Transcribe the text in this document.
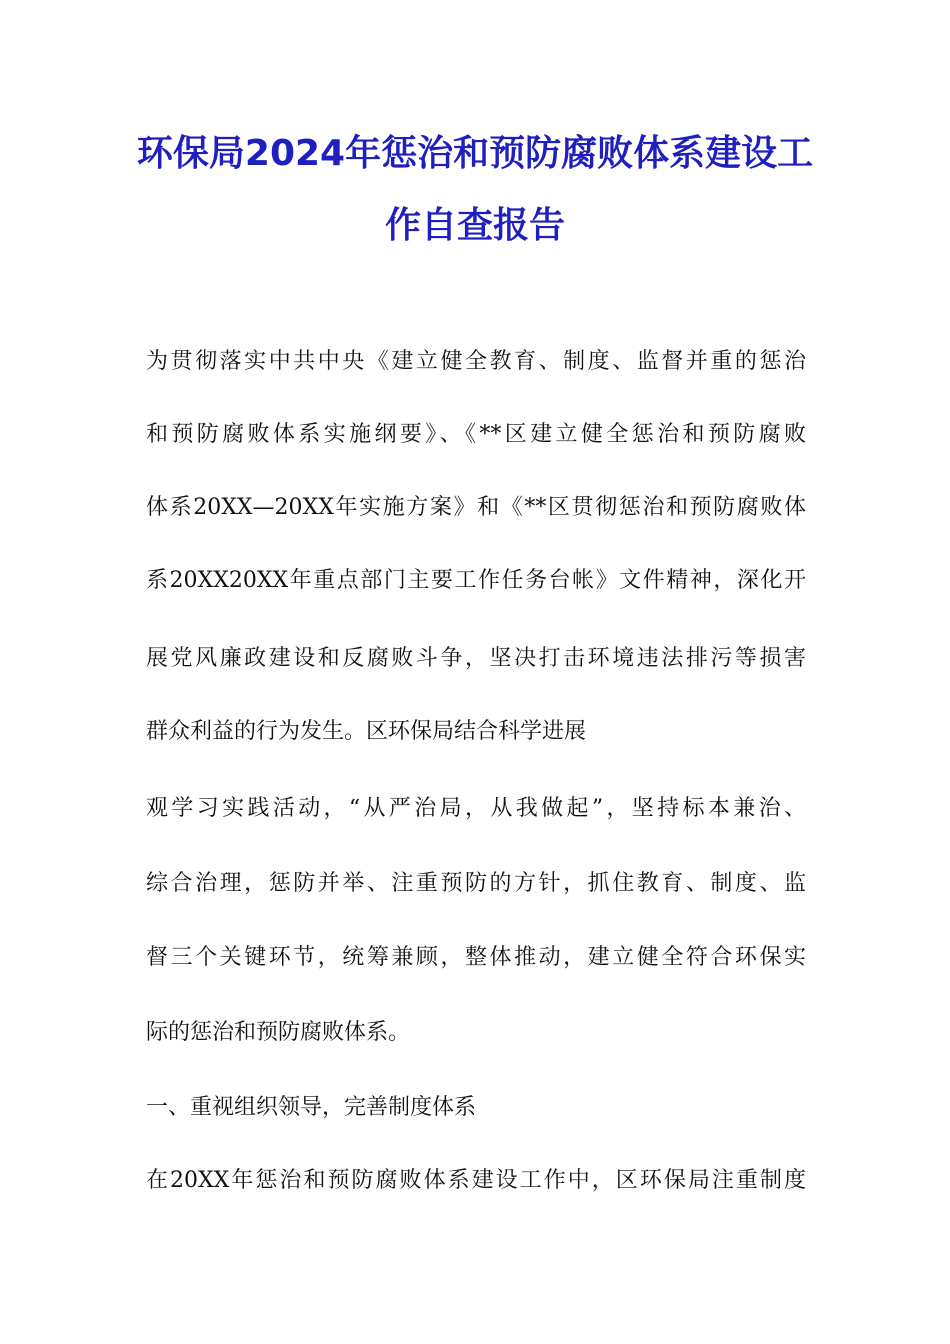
环保局2024年惩治和预防腐败体系建设工
作自查报告

为贯彻落实中共中央《建立健全教育、制度、监督并重的惩治

和预防腐败体系实施纲要》、《**区建立健全惩治和预防腐败

体系20XX—20XX年实施方案》和《**区贯彻惩治和预防腐败体

系20XX20XX年重点部门主要工作任务台帐》文件精神，深化开

展党风廉政建设和反腐败斗争，坚决打击环境违法排污等损害

群众利益的行为发生。区环保局结合科学进展

观学习实践活动，“从严治局，从我做起”，坚持标本兼治、

综合治理，惩防并举、注重预防的方针，抓住教育、制度、监

督三个关键环节，统筹兼顾，整体推动，建立健全符合环保实

际的惩治和预防腐败体系。

一、重视组织领导，完善制度体系

在20XX年惩治和预防腐败体系建设工作中，区环保局注重制度
